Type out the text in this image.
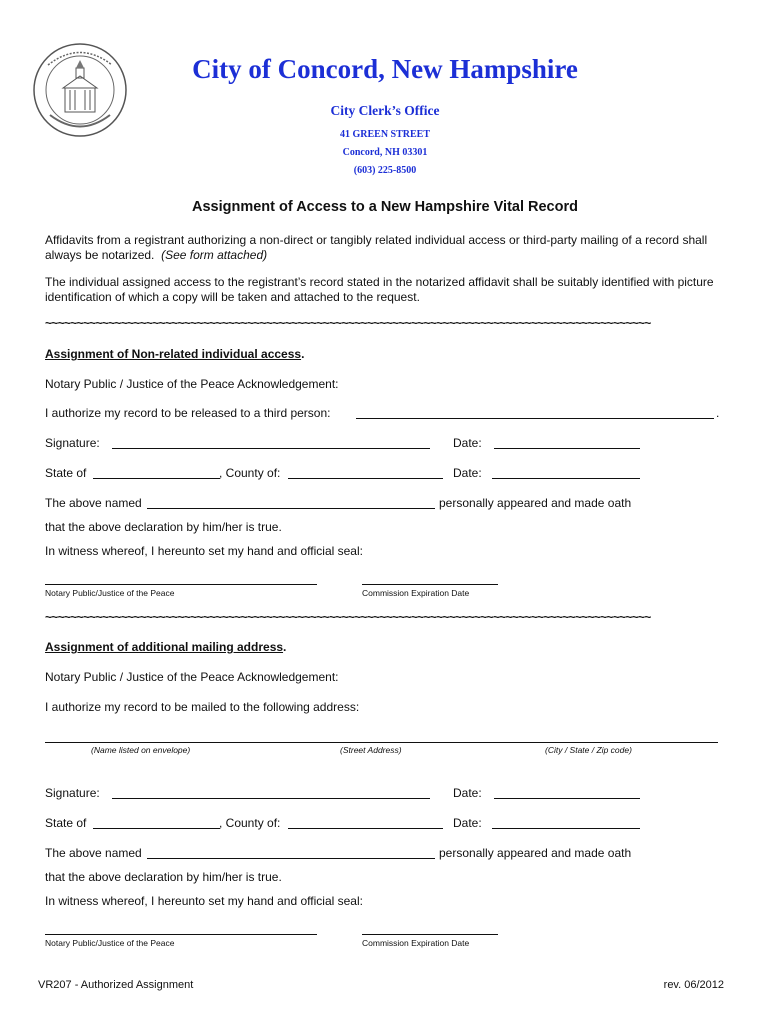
City of Concord, New Hampshire
City Clerk’s Office
41 GREEN STREET
Concord, NH 03301
(603) 225-8500
Assignment of Access to a New Hampshire Vital Record
Affidavits from a registrant authorizing a non-direct or tangibly related individual access or third-party mailing of a record shall always be notarized. (See form attached)
The individual assigned access to the registrant’s record stated in the notarized affidavit shall be suitably identified with picture identification of which a copy will be taken and attached to the request.
~~~~~~~~~~~~~~~~~~~~~~~~~~~~~~~~~~~~~~~~~~~~~~~~~~~~~~~~~~~~~~~~~~~~~~~~~~~~~~~~~~~~~~~~~~~~~~~~
Assignment of Non-related individual access.
Notary Public / Justice of the Peace Acknowledgement:
I authorize my record to be released to a third person:	.
Signature:	Date:
State of	, County of:	Date:
The above named	personally appeared and made oath
that the above declaration by him/her is true.
In witness whereof, I hereunto set my hand and official seal:
Notary Public/Justice of the Peace	Commission Expiration Date
~~~~~~~~~~~~~~~~~~~~~~~~~~~~~~~~~~~~~~~~~~~~~~~~~~~~~~~~~~~~~~~~~~~~~~~~~~~~~~~~~~~~~~~~~~~~~~~~
Assignment of additional mailing address.
Notary Public / Justice of the Peace Acknowledgement:
I authorize my record to be mailed to the following address:
(Name listed on envelope)	(Street Address)	(City / State / Zip code)
Signature:	Date:
State of	, County of:	Date:
The above named	personally appeared and made oath
that the above declaration by him/her is true.
In witness whereof, I hereunto set my hand and official seal:
Notary Public/Justice of the Peace	Commission Expiration Date
VR207 - Authorized Assignment	rev. 06/2012
